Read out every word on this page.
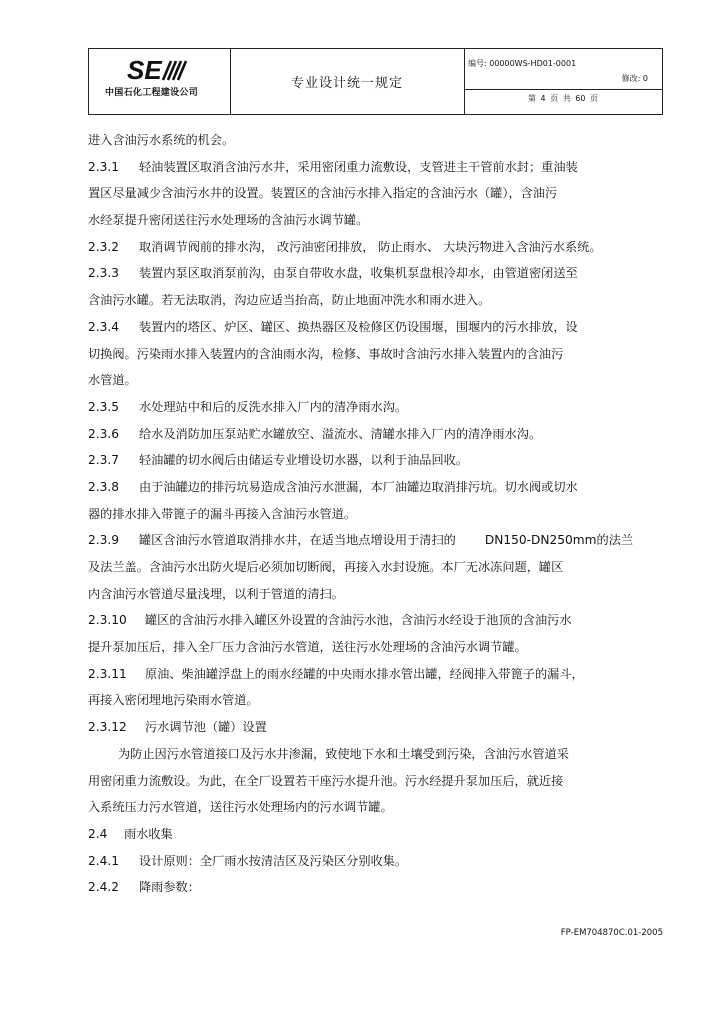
SE
中国石化工程建设公司
专业设计统一规定
编号: 00000WS-HD01-0001
修改: 0
第 4 页 共 60 页
进入含油污水系统的机会。
2.3.1 轻油装置区取消含油污水井，采用密闭重力流敷设，支管进主干管前水封；重油装
置区尽量减少含油污水井的设置。装置区的含油污水排入指定的含油污水（罐），含油污
水经泵提升密闭送往污水处理场的含油污水调节罐。
2.3.2 取消调节阀前的排水沟， 改污油密闭排放， 防止雨水、 大块污物进入含油污水系统。
2.3.3 装置内泵区取消泵前沟，由泵自带收水盘，收集机泵盘根冷却水，由管道密闭送至
含油污水罐。若无法取消，沟边应适当抬高，防止地面冲洗水和雨水进入。
2.3.4 装置内的塔区、炉区、罐区、换热器区及检修区仍设围堰，围堰内的污水排放，设
切换阀。污染雨水排入装置内的含油雨水沟，检修、事故时含油污水排入装置内的含油污
水管道。
2.3.5 水处理站中和后的反洗水排入厂内的清净雨水沟。
2.3.6 给水及消防加压泵站贮水罐放空、溢流水、清罐水排入厂内的清净雨水沟。
2.3.7 轻油罐的切水阀后由储运专业增设切水器，以利于油品回收。
2.3.8 由于油罐边的排污坑易造成含油污水泄漏，本厂油罐边取消排污坑。切水阀或切水
器的排水排入带篦子的漏斗再接入含油污水管道。
2.3.9 罐区含油污水管道取消排水井，在适当地点增设用于清扫的 DN150-DN250mm的法兰
及法兰盖。含油污水出防火堤后必须加切断阀，再接入水封设施。本厂无冰冻问题，罐区
内含油污水管道尽量浅埋，以利于管道的清扫。
2.3.10 罐区的含油污水排入罐区外设置的含油污水池，含油污水经设于池顶的含油污水
提升泵加压后，排入全厂压力含油污水管道，送往污水处理场的含油污水调节罐。
2.3.11 原油、柴油罐浮盘上的雨水经罐的中央雨水排水管出罐，经阀排入带篦子的漏斗，
再接入密闭埋地污染雨水管道。
2.3.12 污水调节池（罐）设置
为防止因污水管道接口及污水井渗漏，致使地下水和土壤受到污染，含油污水管道采
用密闭重力流敷设。为此，在全厂设置若干座污水提升池。污水经提升泵加压后，就近接
入系统压力污水管道，送往污水处理场内的污水调节罐。
2.4 雨水收集
2.4.1 设计原则：全厂雨水按清洁区及污染区分别收集。
2.4.2 降雨参数：
FP-EM704870C.01-2005
